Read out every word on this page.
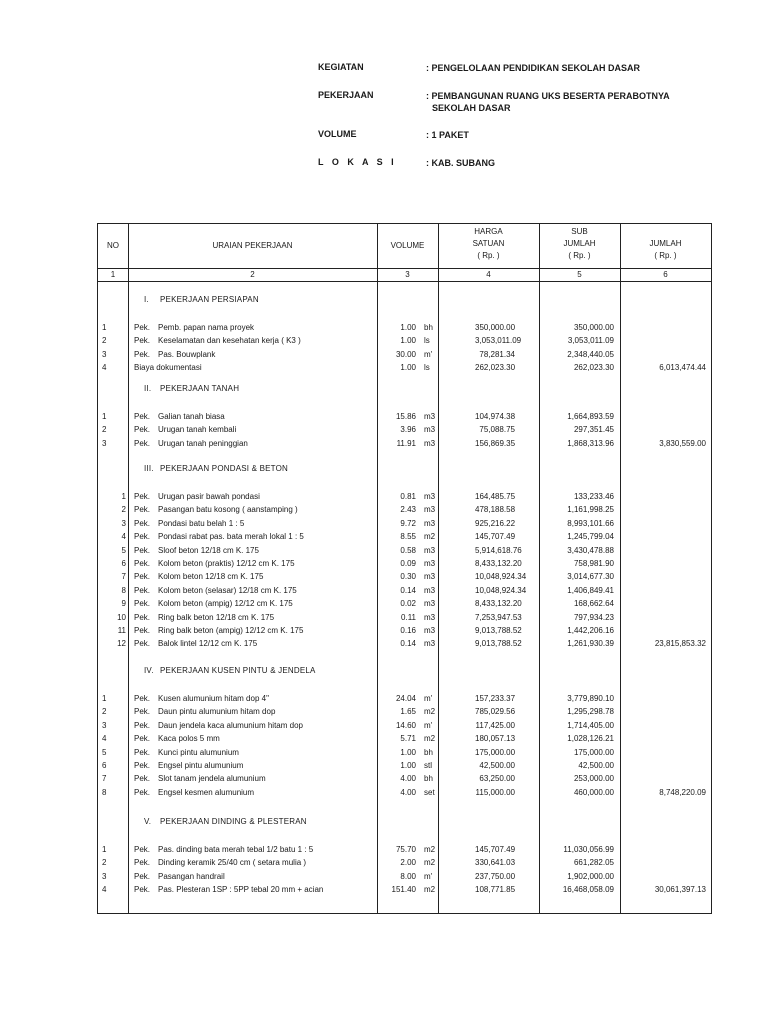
KEGIATAN	: PENGELOLAAN PENDIDIKAN SEKOLAH DASAR
PEKERJAAN	: PEMBANGUNAN RUANG UKS BESERTA PERABOTNYA
SEKOLAH DASAR
VOLUME	: 1 PAKET
L O K A S I	: KAB. SUBANG
NO	URAIAN PEKERJAAN	VOLUME
HARGA
SATUAN
( Rp. )
SUB
JUMLAH
( Rp. )
JUMLAH
( Rp. )
1	2	3	4	5	6
I. PEKERJAAN PERSIAPAN
1	Pek. Pemb. papan nama proyek	1.00 bh	350,000.00	350,000.00
2	Pek. Keselamatan dan kesehatan kerja ( K3 )	1.00 ls	3,053,011.09	3,053,011.09
3	Pek. Pas. Bouwplank	30.00 m'	78,281.34	2,348,440.05
4	Biaya dokumentasi	1.00 ls	262,023.30	262,023.30	6,013,474.44
II. PEKERJAAN TANAH
1	Pek. Galian tanah biasa	15.86 m3	104,974.38	1,664,893.59
2	Pek. Urugan tanah kembali	3.96 m3	75,088.75	297,351.45
3	Pek. Urugan tanah peninggian	11.91 m3	156,869.35	1,868,313.96	3,830,559.00
III. PEKERJAAN PONDASI & BETON
1 Pek. Urugan pasir bawah pondasi	0.81 m3	164,485.75	133,233.46
2 Pek. Pasangan batu kosong ( aanstamping )	2.43 m3	478,188.58	1,161,998.25
3 Pek. Pondasi batu belah 1 : 5	9.72 m3	925,216.22	8,993,101.66
4 Pek. Pondasi rabat pas. bata merah lokal 1 : 5	8.55 m2	145,707.49	1,245,799.04
5 Pek. Sloof beton 12/18 cm K. 175	0.58 m3	5,914,618.76	3,430,478.88
6 Pek. Kolom beton (praktis) 12/12 cm K. 175	0.09 m3	8,433,132.20	758,981.90
7 Pek. Kolom beton 12/18 cm K. 175	0.30 m3	10,048,924.34	3,014,677.30
8 Pek. Kolom beton (selasar) 12/18 cm K. 175	0.14 m3	10,048,924.34	1,406,849.41
9 Pek. Kolom beton (ampig) 12/12 cm K. 175	0.02 m3	8,433,132.20	168,662.64
10 Pek. Ring balk beton 12/18 cm K. 175	0.11 m3	7,253,947.53	797,934.23
11 Pek. Ring balk beton (ampig) 12/12 cm K. 175	0.16 m3	9,013,788.52	1,442,206.16
12 Pek. Balok lintel 12/12 cm K. 175	0.14 m3	9,013,788.52	1,261,930.39	23,815,853.32
IV. PEKERJAAN KUSEN PINTU & JENDELA
1	Pek. Kusen alumunium hitam dop 4"	24.04 m'	157,233.37	3,779,890.10
2	Pek. Daun pintu alumunium hitam dop	1.65 m2	785,029.56	1,295,298.78
3	Pek. Daun jendela kaca alumunium hitam dop	14.60 m'	117,425.00	1,714,405.00
4	Pek. Kaca polos 5 mm	5.71 m2	180,057.13	1,028,126.21
5	Pek. Kunci pintu alumunium	1.00 bh	175,000.00	175,000.00
6	Pek. Engsel pintu alumunium	1.00 stl	42,500.00	42,500.00
7	Pek. Slot tanam jendela alumunium	4.00 bh	63,250.00	253,000.00
8	Pek. Engsel kesmen alumunium	4.00 set	115,000.00	460,000.00	8,748,220.09
V. PEKERJAAN DINDING & PLESTERAN
1	Pek. Pas. dinding bata merah tebal 1/2 batu 1 : 5	75.70 m2	145,707.49	11,030,056.99
2	Pek. Dinding keramik 25/40 cm ( setara mulia )	2.00 m2	330,641.03	661,282.05
3	Pek. Pasangan handrail	8.00 m'	237,750.00	1,902,000.00
4	Pek. Pas. Plesteran 1SP : 5PP tebal 20 mm + acian	151.40 m2	108,771.85	16,468,058.09	30,061,397.13
